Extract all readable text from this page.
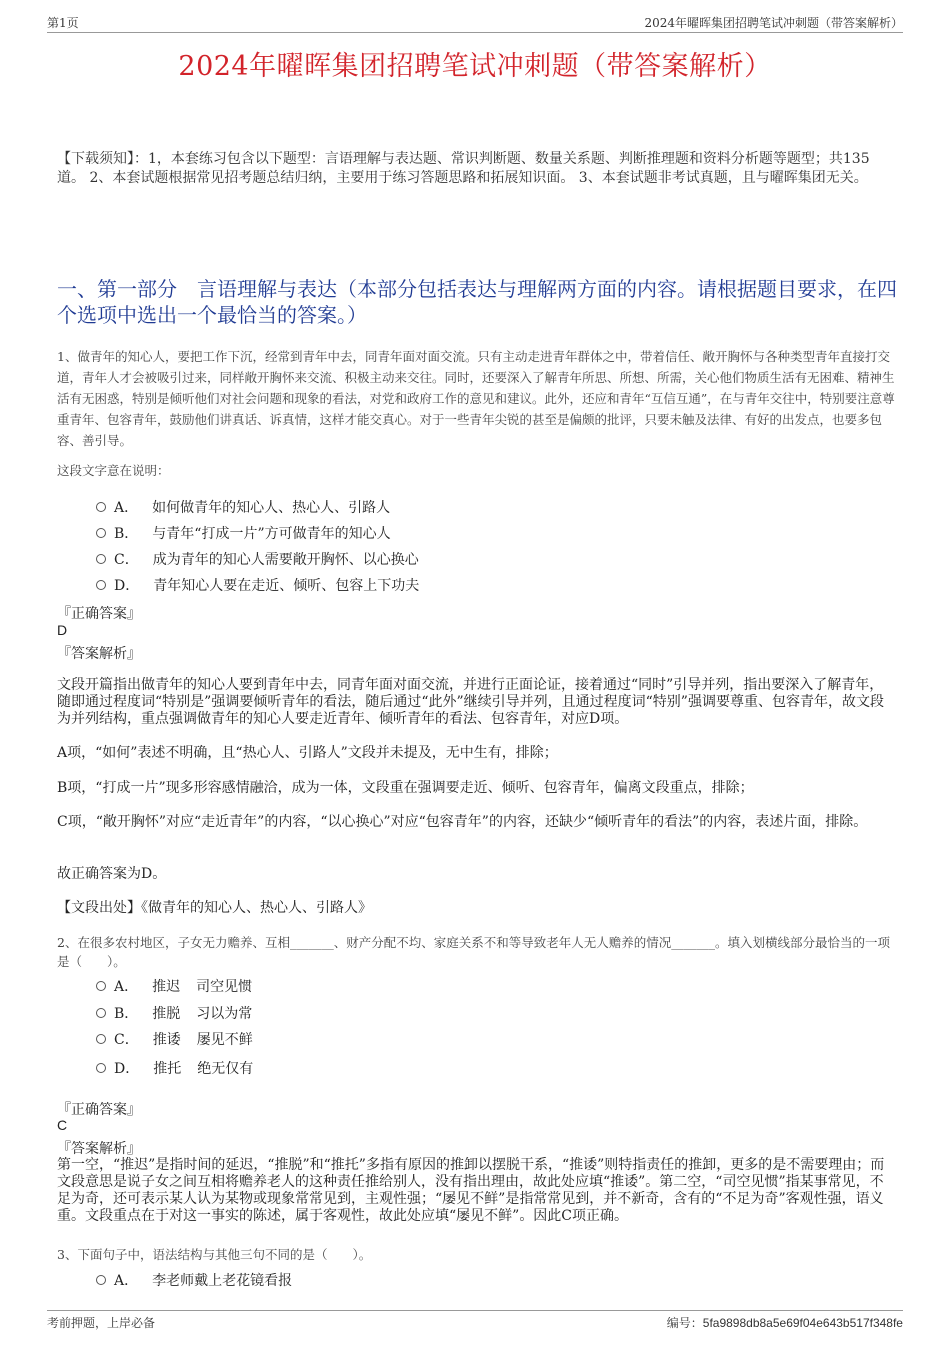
第1页	2024年曜晖集团招聘笔试冲刺题（带答案解析）
2024年曜晖集团招聘笔试冲刺题（带答案解析）
【下载须知】：1，本套练习包含以下题型：言语理解与表达题、常识判断题、数量关系题、判断推理题和资料分析题等题型；共135道。 2、本套试题根据常见招考题总结归纳，主要用于练习答题思路和拓展知识面。 3、本套试题非考试真题，且与曜晖集团无关。
一、第一部分　言语理解与表达（本部分包括表达与理解两方面的内容。请根据题目要求，在四个选项中选出一个最恰当的答案。）
1、做青年的知心人，要把工作下沉，经常到青年中去，同青年面对面交流。只有主动走进青年群体之中，带着信任、敞开胸怀与各种类型青年直接打交道，青年人才会被吸引过来，同样敞开胸怀来交流、积极主动来交往。同时，还要深入了解青年所思、所想、所需，关心他们物质生活有无困难、精神生活有无困惑，特别是倾听他们对社会问题和现象的看法，对党和政府工作的意见和建议。此外，还应和青年“互信互通”，在与青年交往中，特别要注意尊重青年、包容青年，鼓励他们讲真话、诉真情，这样才能交真心。对于一些青年尖锐的甚至是偏颇的批评，只要未触及法律、有好的出发点，也要多包容、善引导。
这段文字意在说明：
A． 如何做青年的知心人、热心人、引路人
B． 与青年“打成一片”方可做青年的知心人
C． 成为青年的知心人需要敞开胸怀、以心换心
D． 青年知心人要在走近、倾听、包容上下功夫
『正确答案』
D
『答案解析』
文段开篇指出做青年的知心人要到青年中去，同青年面对面交流，并进行正面论证，接着通过“同时”引导并列，指出要深入了解青年，随即通过程度词“特别是”强调要倾听青年的看法，随后通过“此外”继续引导并列，且通过程度词“特别”强调要尊重、包容青年，故文段为并列结构，重点强调做青年的知心人要走近青年、倾听青年的看法、包容青年，对应D项。
A项，“如何”表述不明确，且“热心人、引路人”文段并未提及，无中生有，排除；
B项，“打成一片”现多形容感情融洽，成为一体，文段重在强调要走近、倾听、包容青年，偏离文段重点，排除；
C项，“敞开胸怀”对应“走近青年”的内容，“以心换心”对应“包容青年”的内容，还缺少“倾听青年的看法”的内容，表述片面，排除。
故正确答案为D。
【文段出处】《做青年的知心人、热心人、引路人》
2、在很多农村地区，子女无力赡养、互相_______、财产分配不均、家庭关系不和等导致老年人无人赡养的情况_______。填入划横线部分最恰当的一项是（　　）。
A． 推迟 司空见惯
B． 推脱 习以为常
C． 推诿 屡见不鲜
D． 推托 绝无仅有
『正确答案』
C
『答案解析』
第一空，“推迟”是指时间的延迟，“推脱”和“推托”多指有原因的推卸以摆脱干系，“推诿”则特指责任的推卸，更多的是不需要理由；而文段意思是说子女之间互相将赡养老人的这种责任推给别人，没有指出理由，故此处应填“推诿”。第二空，“司空见惯”指某事常见，不足为奇，还可表示某人认为某物或现象常常见到，主观性强；“屡见不鲜”是指常常见到，并不新奇，含有的“不足为奇”客观性强，语义重。文段重点在于对这一事实的陈述，属于客观性，故此处应填“屡见不鲜”。因此C项正确。
3、下面句子中，语法结构与其他三句不同的是（　　）。
A． 李老师戴上老花镜看报
考前押题，上岸必备	编号：5fa9898db8a5e69f04e643b517f348fe
